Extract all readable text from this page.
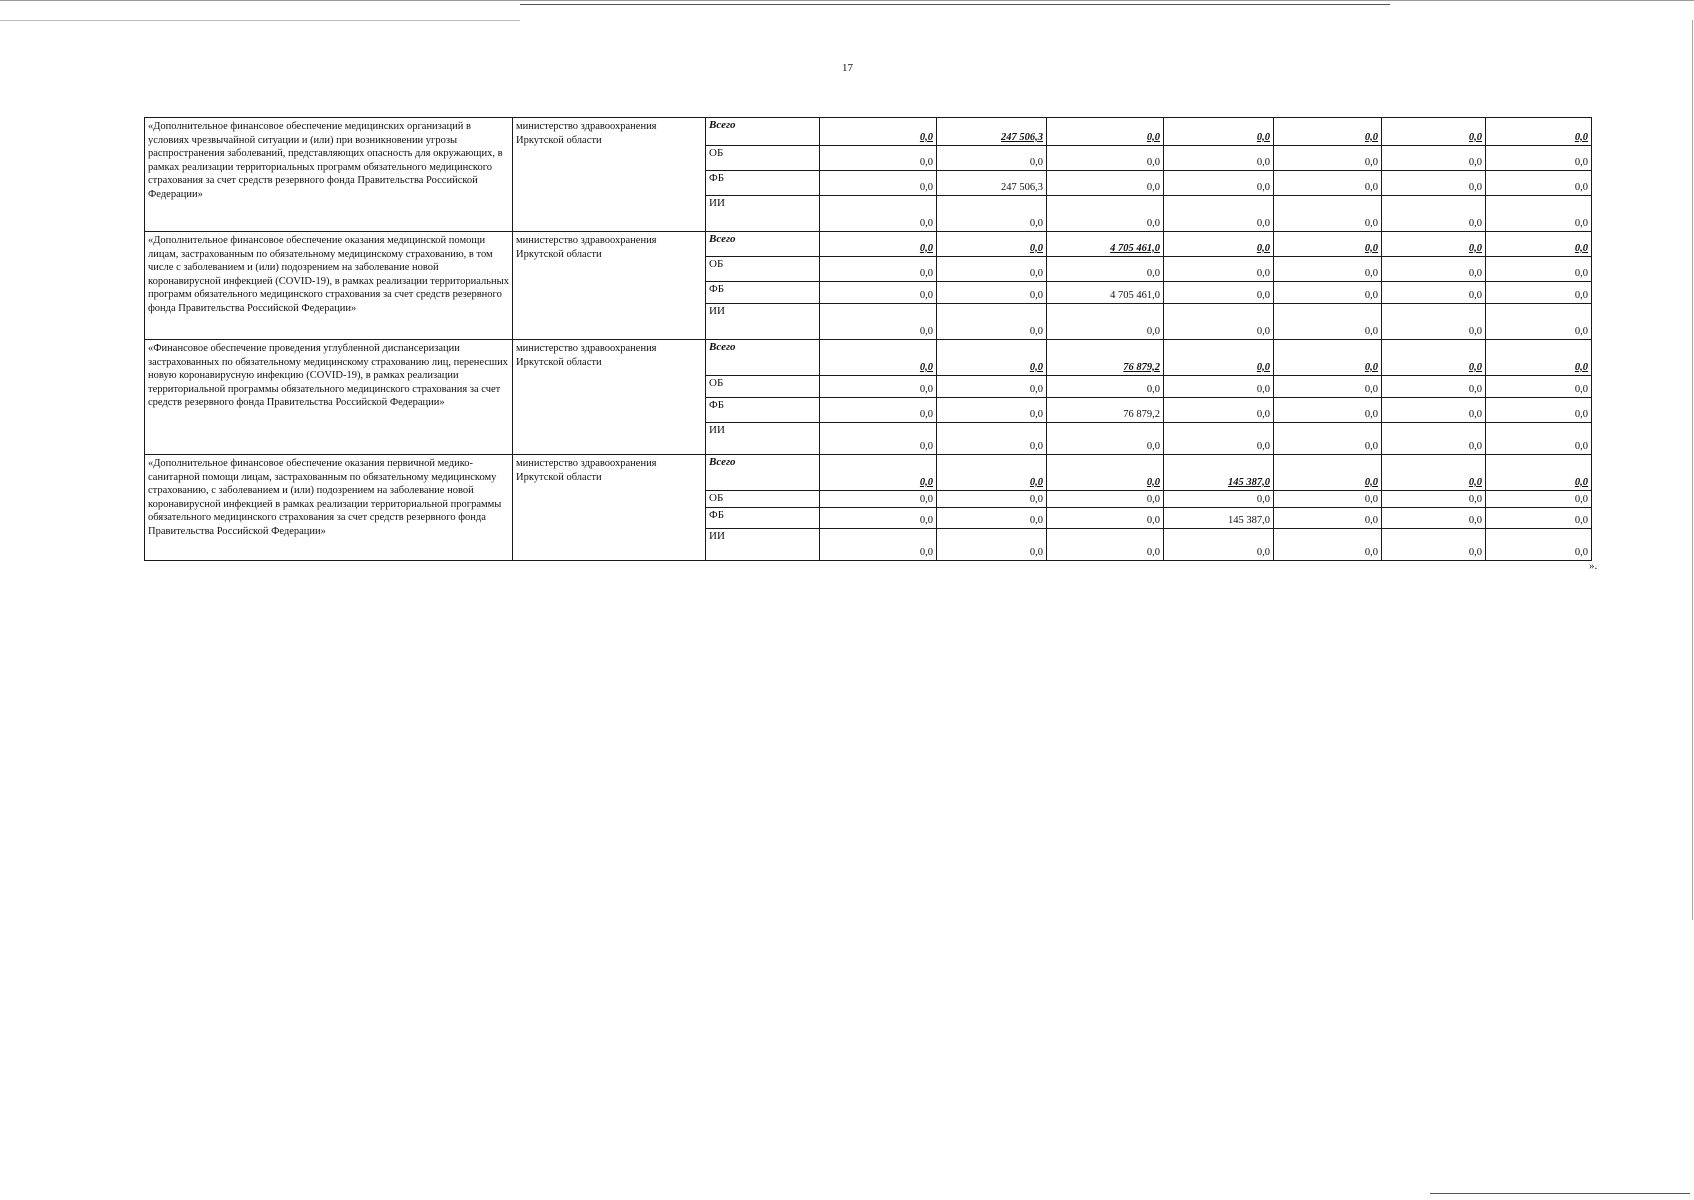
17
«Дополнительное финансовое обеспечение медицинских организаций в условиях чрезвычайной ситуации и (или) при возникновении угрозы распространения заболеваний, представляющих опасность для окружающих, в рамках реализации территориальных программ обязательного медицинского страхования за счет средств резервного фонда Правительства Российской Федерации»	министерство здравоохранения Иркутской области	Всего	0,0	247 506,3	0,0	0,0	0,0	0,0	0,0
		ОБ	0,0	0,0	0,0	0,0	0,0	0,0	0,0
		ФБ	0,0	247 506,3	0,0	0,0	0,0	0,0	0,0
		ИИ	0,0	0,0	0,0	0,0	0,0	0,0	0,0
«Дополнительное финансовое обеспечение оказания медицинской помощи лицам, застрахованным по обязательному медицинскому страхованию, в том числе с заболеванием и (или) подозрением на заболевание новой коронавирусной инфекцией (COVID-19), в рамках реализации территориальных программ обязательного медицинского страхования за счет средств резервного фонда Правительства Российской Федерации»	министерство здравоохранения Иркутской области	Всего	0,0	0,0	4 705 461,0	0,0	0,0	0,0	0,0
		ОБ	0,0	0,0	0,0	0,0	0,0	0,0	0,0
		ФБ	0,0	0,0	4 705 461,0	0,0	0,0	0,0	0,0
		ИИ	0,0	0,0	0,0	0,0	0,0	0,0	0,0
«Финансовое обеспечение проведения углубленной диспансеризации застрахованных по обязательному медицинскому страхованию лиц, перенесших новую коронавирусную инфекцию (COVID-19), в рамках реализации территориальной программы обязательного медицинского страхования за счет средств резервного фонда Правительства Российской Федерации»	министерство здравоохранения Иркутской области	Всего	0,0	0,0	76 879,2	0,0	0,0	0,0	0,0
		ОБ	0,0	0,0	0,0	0,0	0,0	0,0	0,0
		ФБ	0,0	0,0	76 879,2	0,0	0,0	0,0	0,0
		ИИ	0,0	0,0	0,0	0,0	0,0	0,0	0,0
«Дополнительное финансовое обеспечение оказания первичной медико-санитарной помощи лицам, застрахованным по обязательному медицинскому страхованию, с заболеванием и (или) подозрением на заболевание новой коронавирусной инфекцией в рамках реализации территориальной программы обязательного медицинского страхования за счет средств резервного фонда Правительства Российской Федерации»	министерство здравоохранения Иркутской области	Всего	0,0	0,0	0,0	145 387,0	0,0	0,0	0,0
		ОБ	0,0	0,0	0,0	0,0	0,0	0,0	0,0
		ФБ	0,0	0,0	0,0	145 387,0	0,0	0,0	0,0
		ИИ	0,0	0,0	0,0	0,0	0,0	0,0	0,0
».
